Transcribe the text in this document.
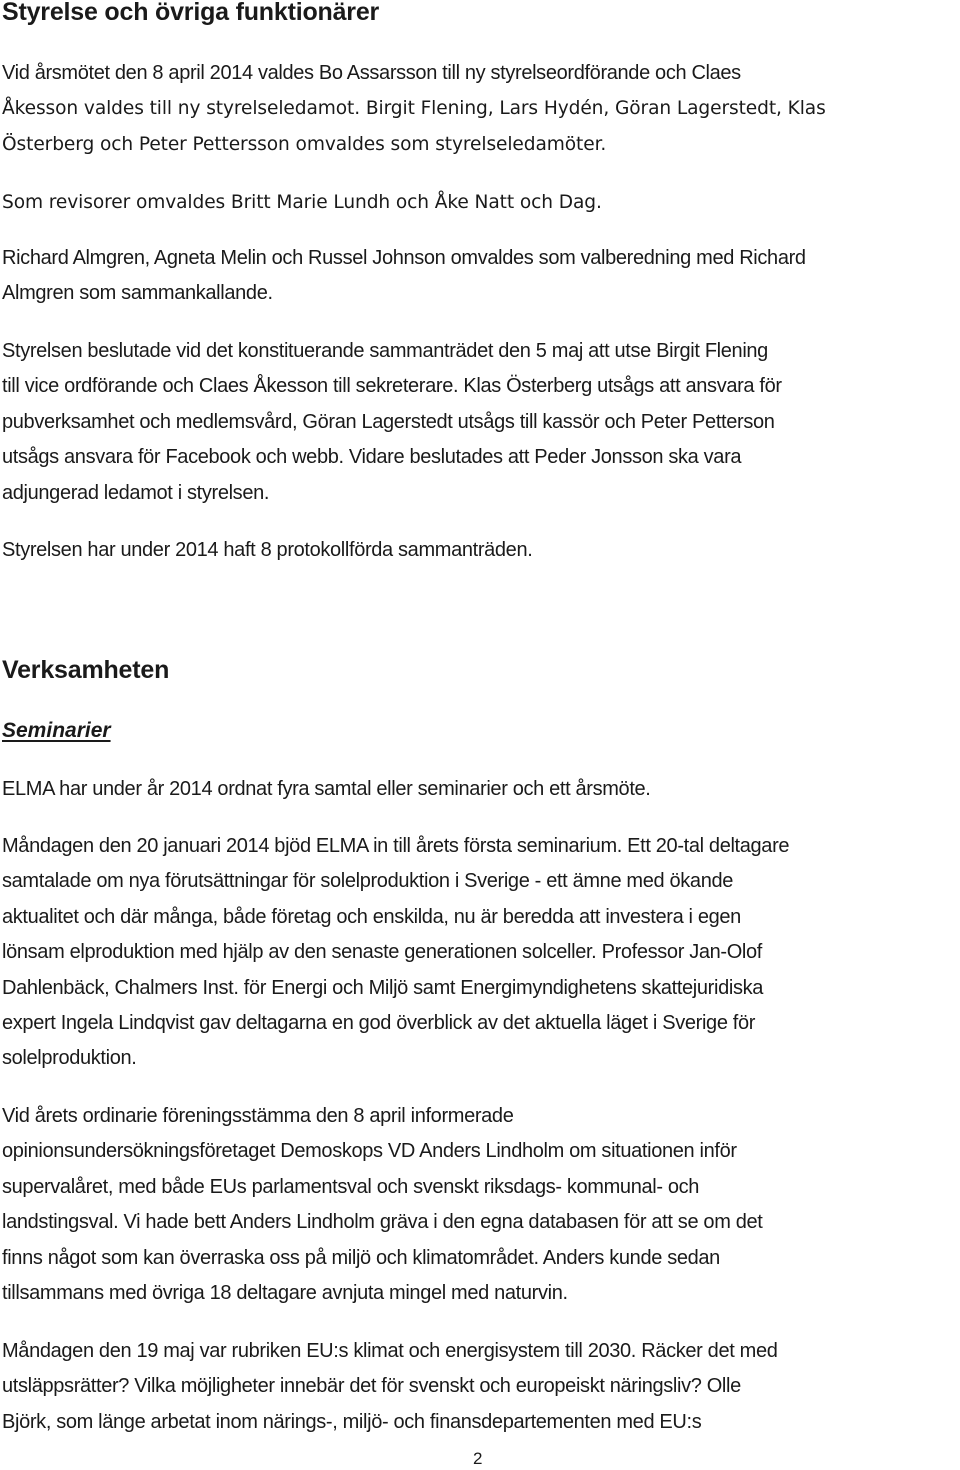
Styrelse och övriga funktionärer
Vid årsmötet den 8 april 2014 valdes Bo Assarsson till ny styrelseordförande och Claes
Åkesson valdes till ny styrelseledamot. Birgit Flening, Lars Hydén, Göran Lagerstedt, Klas
Österberg och Peter Pettersson omvaldes som styrelseledamöter.
Som revisorer omvaldes Britt Marie Lundh och Åke Natt och Dag.
Richard Almgren, Agneta Melin och Russel Johnson omvaldes som valberedning med Richard
Almgren som sammankallande.
Styrelsen beslutade vid det konstituerande sammanträdet den 5 maj att utse Birgit Flening
till vice ordförande och Claes Åkesson till sekreterare. Klas Österberg utsågs att ansvara för
pubverksamhet och medlemsvård, Göran Lagerstedt utsågs till kassör och Peter Petterson
utsågs ansvara för Facebook och webb. Vidare beslutades att Peder Jonsson ska vara
adjungerad ledamot i styrelsen.
Styrelsen har under 2014 haft 8 protokollförda sammanträden.
Verksamheten
Seminarier
ELMA har under år 2014 ordnat fyra samtal eller seminarier och ett årsmöte.
Måndagen den 20 januari 2014 bjöd ELMA in till årets första seminarium. Ett 20-tal deltagare
samtalade om nya förutsättningar för solelproduktion i Sverige - ett ämne med ökande
aktualitet och där många, både företag och enskilda, nu är beredda att investera i egen
lönsam elproduktion med hjälp av den senaste generationen solceller. Professor Jan-Olof
Dahlenbäck, Chalmers Inst. för Energi och Miljö samt Energimyndighetens skattejuridiska
expert Ingela Lindqvist gav deltagarna en god överblick av det aktuella läget i Sverige för
solelproduktion.
Vid årets ordinarie föreningsstämma den 8 april informerade
opinionsundersökningsföretaget Demoskops VD Anders Lindholm om situationen inför
supervalåret, med både EUs parlamentsval och svenskt riksdags- kommunal- och
landstingsval. Vi hade bett Anders Lindholm gräva i den egna databasen för att se om det
finns något som kan överraska oss på miljö och klimatområdet. Anders kunde sedan
tillsammans med övriga 18 deltagare avnjuta mingel med naturvin.
Måndagen den 19 maj var rubriken EU:s klimat och energisystem till 2030. Räcker det med
utsläppsrätter? Vilka möjligheter innebär det för svenskt och europeiskt näringsliv? Olle
Björk, som länge arbetat inom närings-, miljö- och finansdepartementen med EU:s
2
